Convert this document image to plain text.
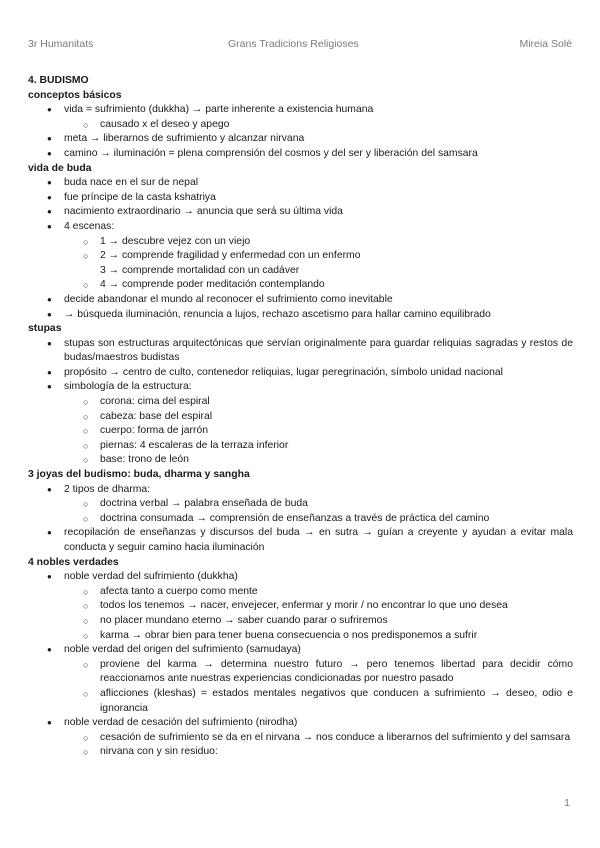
3r Humanitats	Grans Tradicions Religioses	Mireia Solé
4. BUDISMO
conceptos básicos
● vida = sufrimiento (dukkha) → parte inherente a existencia humana
○ causado x el deseo y apego
● meta → liberarnos de sufrimiento y alcanzar nirvana
● camino → iluminación = plena comprensión del cosmos y del ser y liberación del samsara
vida de buda
● buda nace en el sur de nepal
● fue príncipe de la casta kshatriya
● nacimiento extraordinario → anuncia que será su última vida
● 4 escenas:
○ 1 → descubre vejez con un viejo
○ 2 → comprende fragilidad y enfermedad con un enfermo
3 → comprende mortalidad con un cadáver
○ 4 → comprende poder meditación contemplando
● decide abandonar el mundo al reconocer el sufrimiento como inevitable
● → búsqueda iluminación, renuncia a lujos, rechazo ascetismo para hallar camino equilibrado
stupas
● stupas son estructuras arquitectónicas que servían originalmente para guardar reliquias sagradas y restos de budas/maestros budistas
● propósito → centro de culto, contenedor reliquias, lugar peregrinación, símbolo unidad nacional
● simbología de la estructura:
○ corona: cima del espiral
○ cabeza: base del espiral
○ cuerpo: forma de jarrón
○ piernas: 4 escaleras de la terraza inferior
○ base: trono de león
3 joyas del budismo: buda, dharma y sangha
● 2 tipos de dharma:
○ doctrina verbal → palabra enseñada de buda
○ doctrina consumada → comprensión de enseñanzas a través de práctica del camino
● recopilación de enseñanzas y discursos del buda → en sutra → guían a creyente y ayudan a evitar mala conducta y seguir camino hacia iluminación
4 nobles verdades
● noble verdad del sufrimiento (dukkha)
○ afecta tanto a cuerpo como mente
○ todos los tenemos → nacer, envejecer, enfermar y morir / no encontrar lo que uno desea
○ no placer mundano eterno → saber cuando parar o sufriremos
○ karma → obrar bien para tener buena consecuencia o nos predisponemos a sufrir
● noble verdad del origen del sufrimiento (samudaya)
○ proviene del karma → determina nuestro futuro → pero tenemos libertad para decidir cómo reaccionamos ante nuestras experiencias condicionadas por nuestro pasado
○ aflicciones (kleshas) = estados mentales negativos que conducen a sufrimiento → deseo, odio e ignorancia
● noble verdad de cesación del sufrimiento (nirodha)
○ cesación de sufrimiento se da en el nirvana → nos conduce a liberarnos del sufrimiento y del samsara
○ nirvana con y sin residuo:
1
